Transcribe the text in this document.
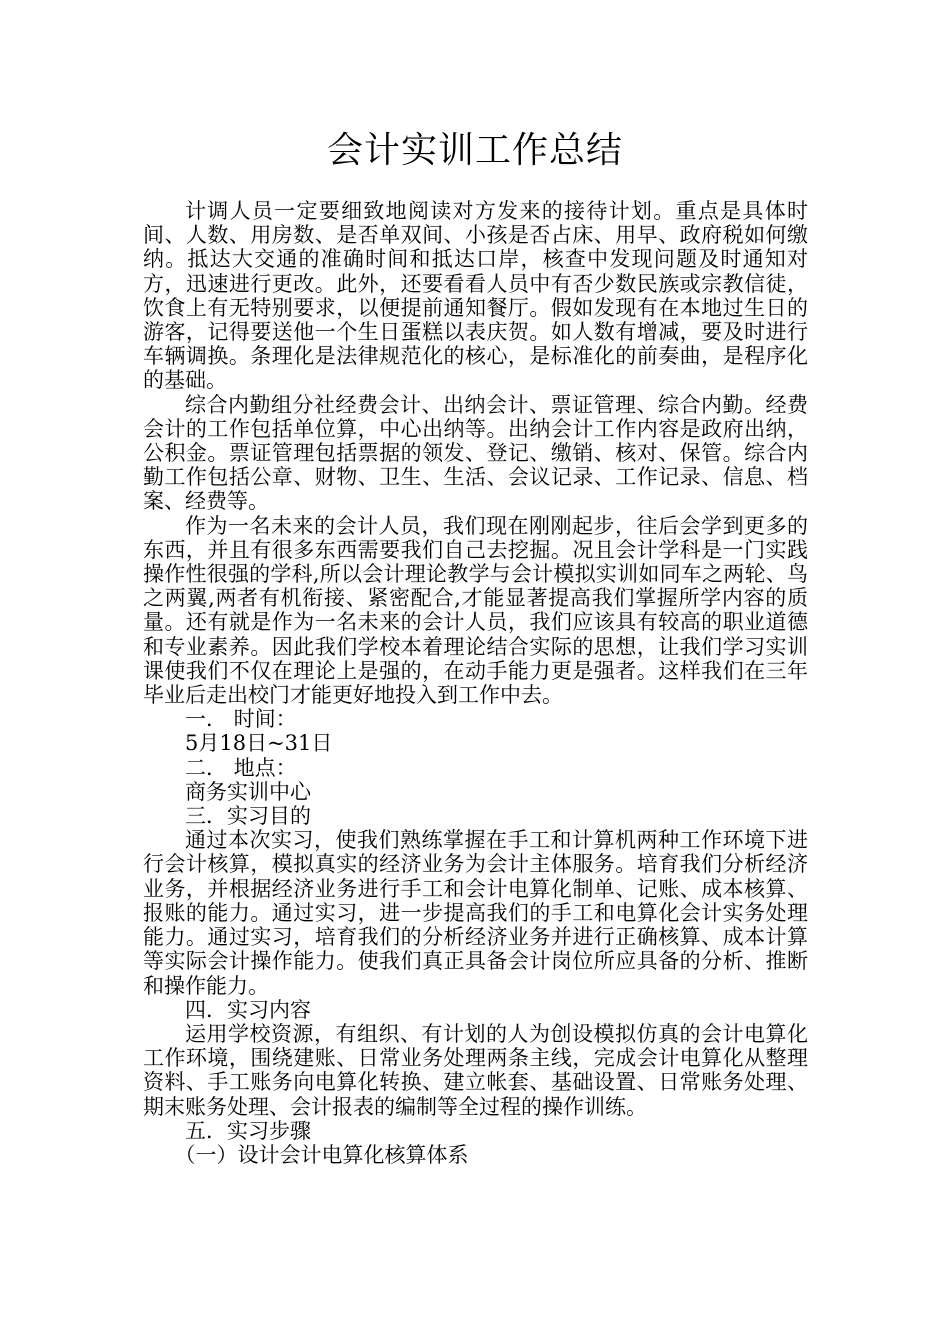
会计实训工作总结

计调人员一定要细致地阅读对方发来的接待计划。重点是具体时间、人数、用房数、是否单双间、小孩是否占床、用早、政府税如何缴纳。抵达大交通的准确时间和抵达口岸，核查中发现问题及时通知对方，迅速进行更改。此外，还要看看人员中有否少数民族或宗教信徒，饮食上有无特别要求，以便提前通知餐厅。假如发现有在本地过生日的游客，记得要送他一个生日蛋糕以表庆贺。如人数有增减，要及时进行车辆调换。条理化是法律规范化的核心，是标准化的前奏曲，是程序化的基础。

综合内勤组分社经费会计、出纳会计、票证管理、综合内勤。经费会计的工作包括单位算，中心出纳等。出纳会计工作内容是政府出纳，公积金。票证管理包括票据的领发、登记、缴销、核对、保管。综合内勤工作包括公章、财物、卫生、生活、会议记录、工作记录、信息、档案、经费等。

作为一名未来的会计人员，我们现在刚刚起步，往后会学到更多的东西，并且有很多东西需要我们自己去挖掘。况且会计学科是一门实践操作性很强的学科,所以会计理论教学与会计模拟实训如同车之两轮、鸟之两翼,两者有机衔接、紧密配合,才能显著提高我们掌握所学内容的质量。还有就是作为一名未来的会计人员，我们应该具有较高的职业道德和专业素养。因此我们学校本着理论结合实际的思想，让我们学习实训课使我们不仅在理论上是强的，在动手能力更是强者。这样我们在三年毕业后走出校门才能更好地投入到工作中去。

一． 时间：

5月18日~31日

二． 地点：

商务实训中心

三．实习目的

通过本次实习，使我们熟练掌握在手工和计算机两种工作环境下进行会计核算，模拟真实的经济业务为会计主体服务。培育我们分析经济业务，并根据经济业务进行手工和会计电算化制单、记账、成本核算、报账的能力。通过实习，进一步提高我们的手工和电算化会计实务处理能力。通过实习，培育我们的分析经济业务并进行正确核算、成本计算等实际会计操作能力。使我们真正具备会计岗位所应具备的分析、推断和操作能力。

四．实习内容

运用学校资源，有组织、有计划的人为创设模拟仿真的会计电算化工作环境，围绕建账、日常业务处理两条主线，完成会计电算化从整理资料、手工账务向电算化转换、建立帐套、基础设置、日常账务处理、期末账务处理、会计报表的编制等全过程的操作训练。

五．实习步骤

（一）设计会计电算化核算体系
